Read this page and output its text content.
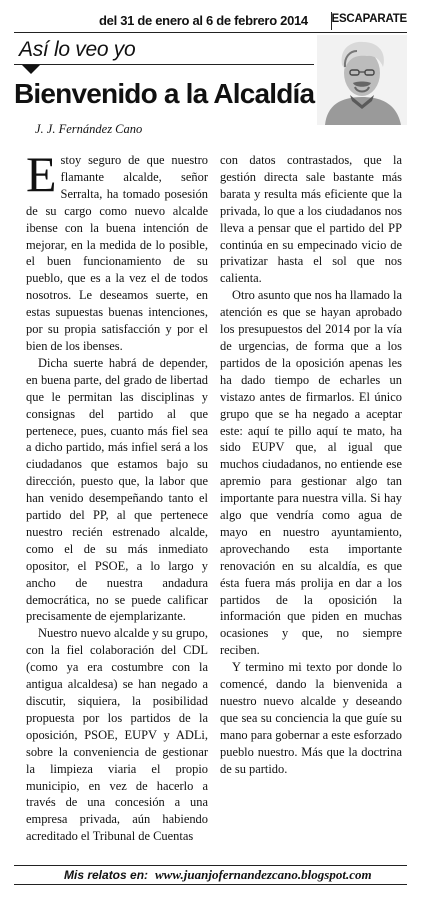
del 31 de enero al 6 de febrero 2014 ESCAPARATE
Así lo veo yo
Bienvenido a la Alcaldía
J. J. Fernández Cano

Estoy seguro de que nuestro flamante alcalde, señor Serralta, ha tomado posesión de su cargo como nuevo alcalde ibense con la buena intención de mejorar, en la medida de lo posible, el buen funcionamiento de su pueblo, que es a la vez el de todos nosotros. Le deseamos suerte, en estas supuestas buenas intenciones, por su propia satisfacción y por el bien de los ibenses.

Dicha suerte habrá de depender, en buena parte, del grado de libertad que le permitan las disciplinas y consignas del partido al que pertenece, pues, cuanto más fiel sea a dicho partido, más infiel será a los ciudadanos que estamos bajo su dirección, puesto que, la labor que han venido desempeñando tanto el partido del PP, al que pertenece nuestro recién estrenado alcalde, como el de su más inmediato opositor, el PSOE, a lo largo y ancho de nuestra andadura democrática, no se puede calificar precisamente de ejemplarizante.

Nuestro nuevo alcalde y su grupo, con la fiel colaboración del CDL (como ya era costumbre con la antigua alcaldesa) se han negado a discutir, siquiera, la posibilidad propuesta por los partidos de la oposición, PSOE, EUPV y ADLi, sobre la conveniencia de gestionar la limpieza viaria el propio municipio, en vez de hacerlo a través de una concesión a una empresa privada, aún habiendo acreditado el Tribunal de Cuentas

con datos contrastados, que la gestión directa sale bastante más barata y resulta más eficiente que la privada, lo que a los ciudadanos nos lleva a pensar que el partido del PP continúa en su empecinado vicio de privatizar hasta el sol que nos calienta.

Otro asunto que nos ha llamado la atención es que se hayan aprobado los presupuestos del 2014 por la vía de urgencias, de forma que a los partidos de la oposición apenas les ha dado tiempo de echarles un vistazo antes de firmarlos. El único grupo que se ha negado a aceptar este: aquí te pillo aquí te mato, ha sido EUPV que, al igual que muchos ciudadanos, no entiende ese apremio para gestionar algo tan importante para nuestra villa. Si hay algo que vendría como agua de mayo en nuestro ayuntamiento, aprovechando esta importante renovación en su alcaldía, es que ésta fuera más prolija en dar a los partidos de la oposición la información que piden en muchas ocasiones y que, no siempre reciben.

Y termino mi texto por donde lo comencé, dando la bienvenida a nuestro nuevo alcalde y deseando que sea su conciencia la que guíe su mano para gobernar a este esforzado pueblo nuestro. Más que la doctrina de su partido.

Mis relatos en: www.juanjofernandezcano.blogspot.com
